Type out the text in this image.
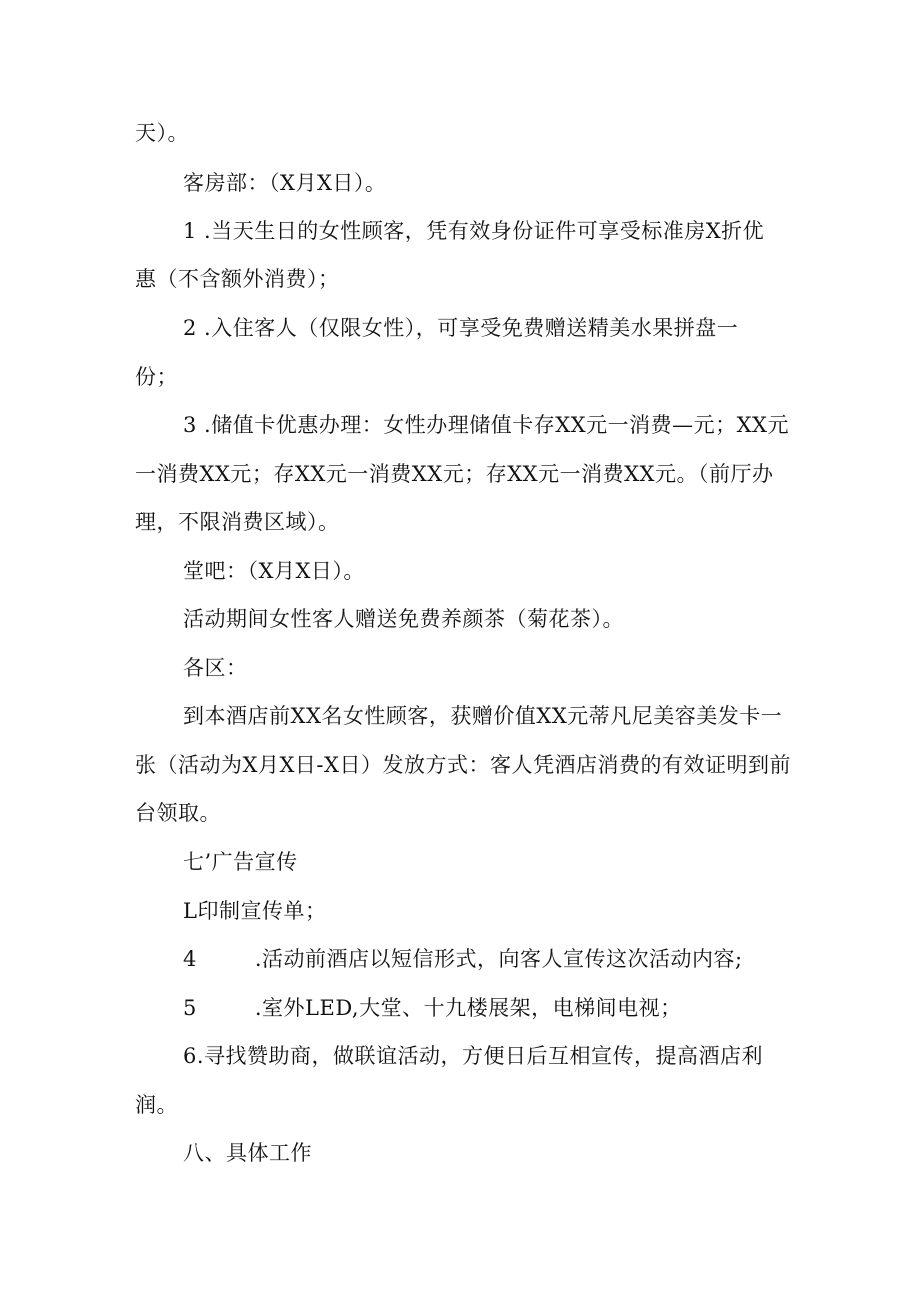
天）。
客房部：（X月X日）。
1 .当天生日的女性顾客，凭有效身份证件可享受标准房X折优
惠（不含额外消费）；
2 .入住客人（仅限女性），可享受免费赠送精美水果拼盘一
份；
3 .储值卡优惠办理：女性办理储值卡存XX元一消费—元；XX元
一消费XX元；存XX元一消费XX元；存XX元一消费XX元。（前厅办
理，不限消费区域）。
堂吧：（X月X日）。
活动期间女性客人赠送免费养颜茶（菊花茶）。
各区：
到本酒店前XX名女性顾客，获赠价值XX元蒂凡尼美容美发卡一
张（活动为X月X日-X日）发放方式：客人凭酒店消费的有效证明到前
台领取。
七’广告宣传
L印制宣传单；
4	.活动前酒店以短信形式，向客人宣传这次活动内容;
5	.室外LED,大堂、十九楼展架，电梯间电视；
6.寻找赞助商，做联谊活动，方便日后互相宣传，提高酒店利
润。
八、具体工作
